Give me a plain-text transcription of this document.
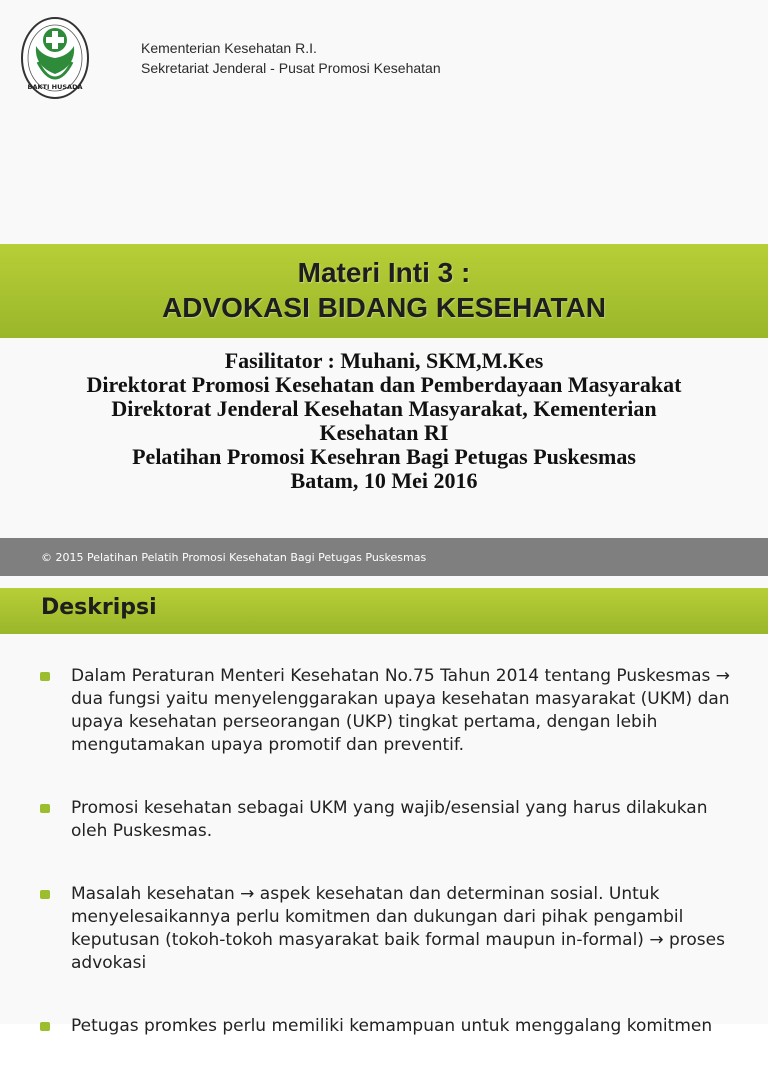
BAKTI HUSADA
Kementerian Kesehatan R.I.
Sekretariat Jenderal - Pusat Promosi Kesehatan
Materi Inti 3 :
ADVOKASI BIDANG KESEHATAN
Fasilitator : Muhani, SKM,M.Kes
Direktorat Promosi Kesehatan dan Pemberdayaan Masyarakat
Direktorat Jenderal Kesehatan Masyarakat, Kementerian
Kesehatan RI
Pelatihan Promosi Kesehran Bagi Petugas Puskesmas
Batam, 10 Mei 2016
© 2015 Pelatihan Pelatih Promosi Kesehatan Bagi Petugas Puskesmas
Deskripsi
Dalam Peraturan Menteri Kesehatan No.75 Tahun 2014 tentang Puskesmas → dua fungsi yaitu menyelenggarakan upaya kesehatan masyarakat (UKM) dan upaya kesehatan perseorangan (UKP) tingkat pertama, dengan lebih mengutamakan upaya promotif dan preventif.
Promosi kesehatan sebagai UKM yang wajib/esensial yang harus dilakukan oleh Puskesmas.
Masalah kesehatan → aspek kesehatan dan determinan sosial. Untuk menyelesaikannya perlu komitmen dan dukungan dari pihak pengambil keputusan (tokoh-tokoh masyarakat baik formal maupun in-formal) → proses advokasi
Petugas promkes perlu memiliki kemampuan untuk menggalang komitmen
